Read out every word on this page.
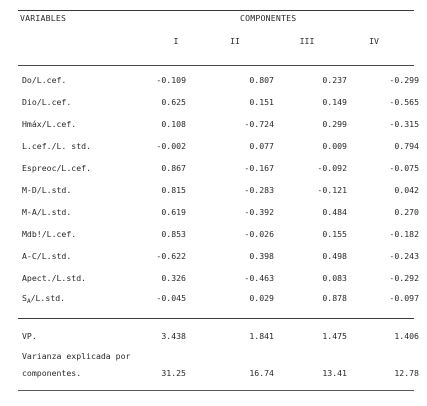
VARIABLES	COMPONENTES
I	II	III	IV
Do/L.cef.	-0.109	0.807	0.237	-0.299
Dio/L.cef.	0.625	0.151	0.149	-0.565
Hmáx/L.cef.	0.108	-0.724	0.299	-0.315
L.cef./L. std.	-0.002	0.077	0.009	0.794
Espreoc/L.cef.	0.867	-0.167	-0.092	-0.075
M-D/L.std.	0.815	-0.283	-0.121	0.042
M-A/L.std.	0.619	-0.392	0.484	0.270
Mdb!/L.cef.	0.853	-0.026	0.155	-0.182
A-C/L.std.	-0.622	0.398	0.498	-0.243
Apect./L.std.	0.326	-0.463	0.083	-0.292
$S_A/L.std$.	-0.045	0.029	0.878	-0.097
VP.	3.438	1.841	1.475	1.406
Varianza explicada por
componentes.	31.25	16.74	13.41	12.78
